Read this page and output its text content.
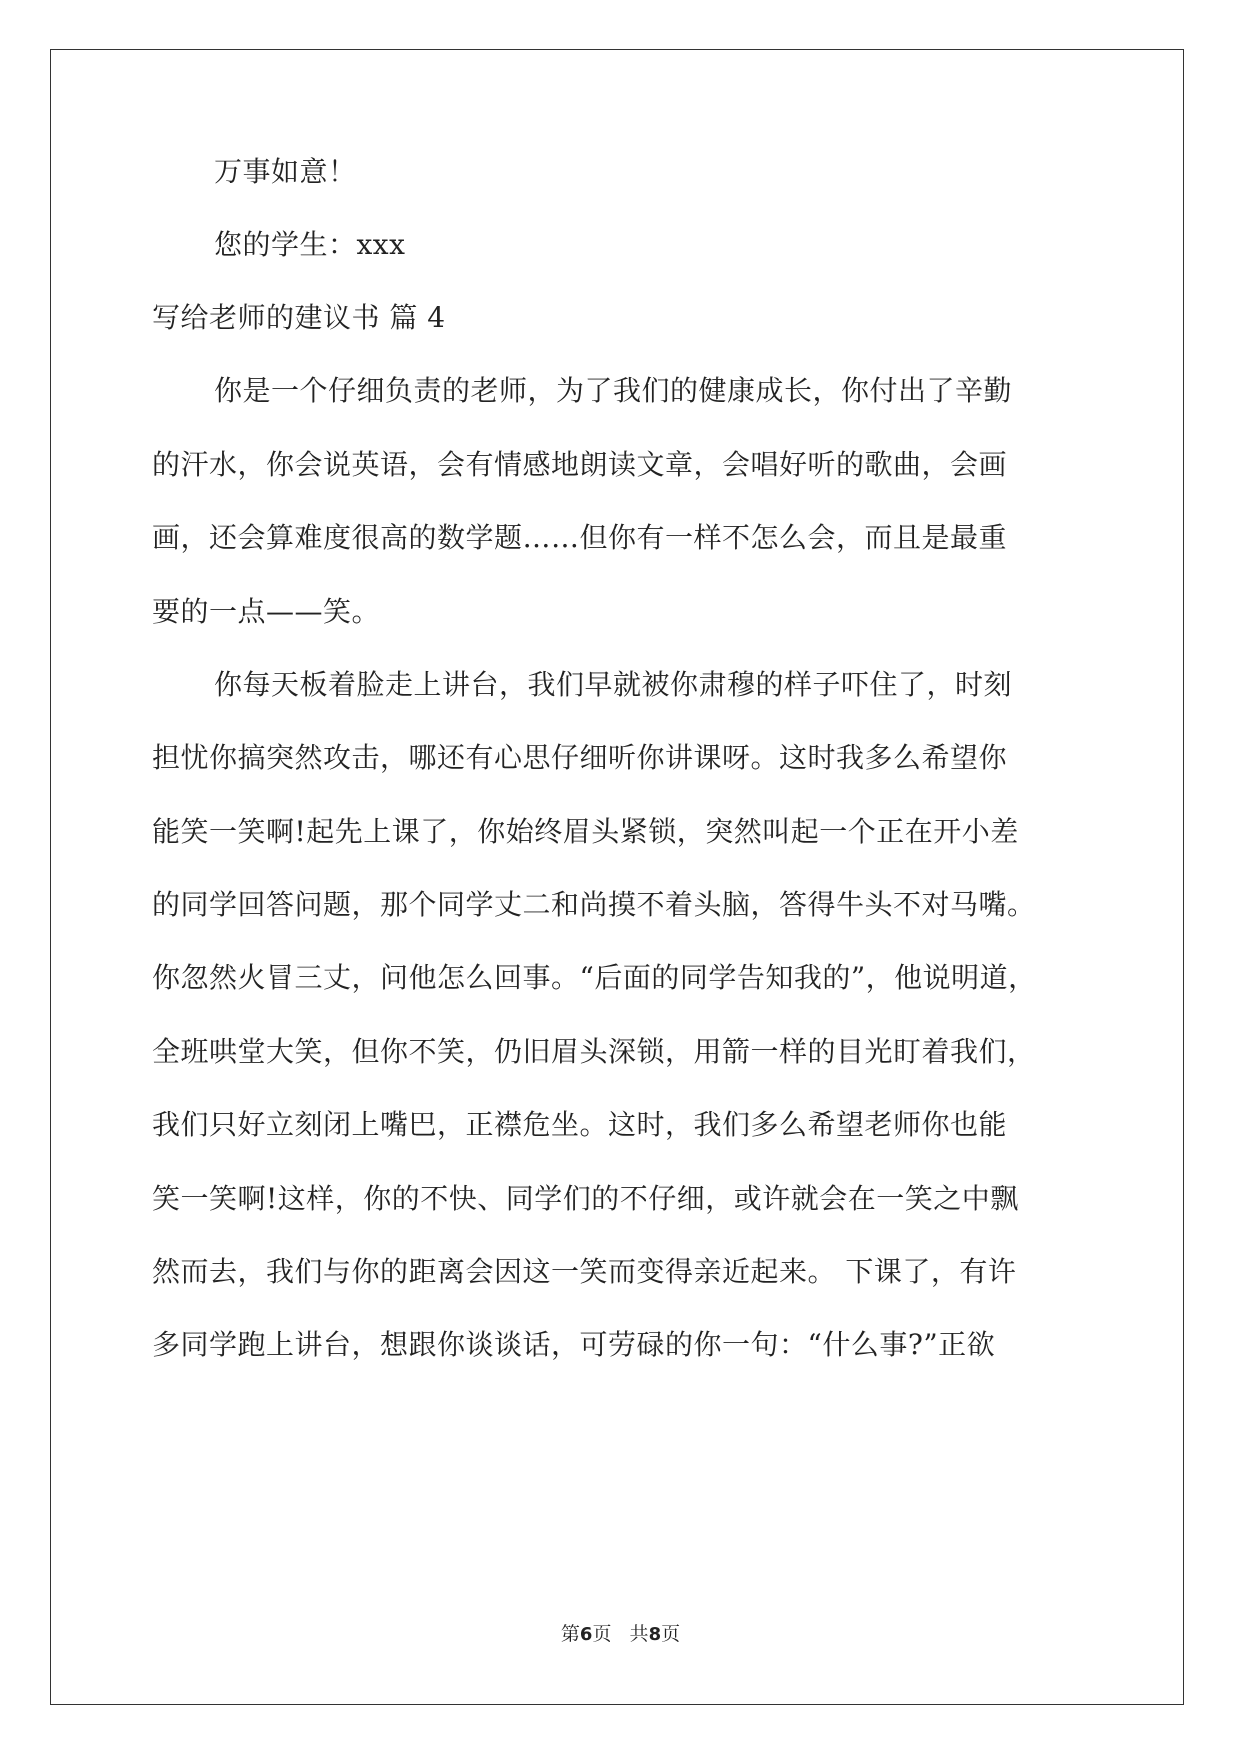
万事如意！
您的学生：xxx
写给老师的建议书 篇 4
你是一个仔细负责的老师，为了我们的健康成长，你付出了辛勤
的汗水，你会说英语，会有情感地朗读文章，会唱好听的歌曲，会画
画，还会算难度很高的数学题……但你有一样不怎么会，而且是最重
要的一点——笑。
你每天板着脸走上讲台，我们早就被你肃穆的样子吓住了，时刻
担忧你搞突然攻击，哪还有心思仔细听你讲课呀。这时我多么希望你
能笑一笑啊!起先上课了，你始终眉头紧锁，突然叫起一个正在开小差
的同学回答问题，那个同学丈二和尚摸不着头脑，答得牛头不对马嘴。
你忽然火冒三丈，问他怎么回事。“后面的同学告知我的”，他说明道，
全班哄堂大笑，但你不笑，仍旧眉头深锁，用箭一样的目光盯着我们，
我们只好立刻闭上嘴巴，正襟危坐。这时，我们多么希望老师你也能
笑一笑啊!这样，你的不快、同学们的不仔细，或许就会在一笑之中飘
然而去，我们与你的距离会因这一笑而变得亲近起来。 下课了，有许
多同学跑上讲台，想跟你谈谈话，可劳碌的你一句：“什么事?”正欲
第6页   共8页
